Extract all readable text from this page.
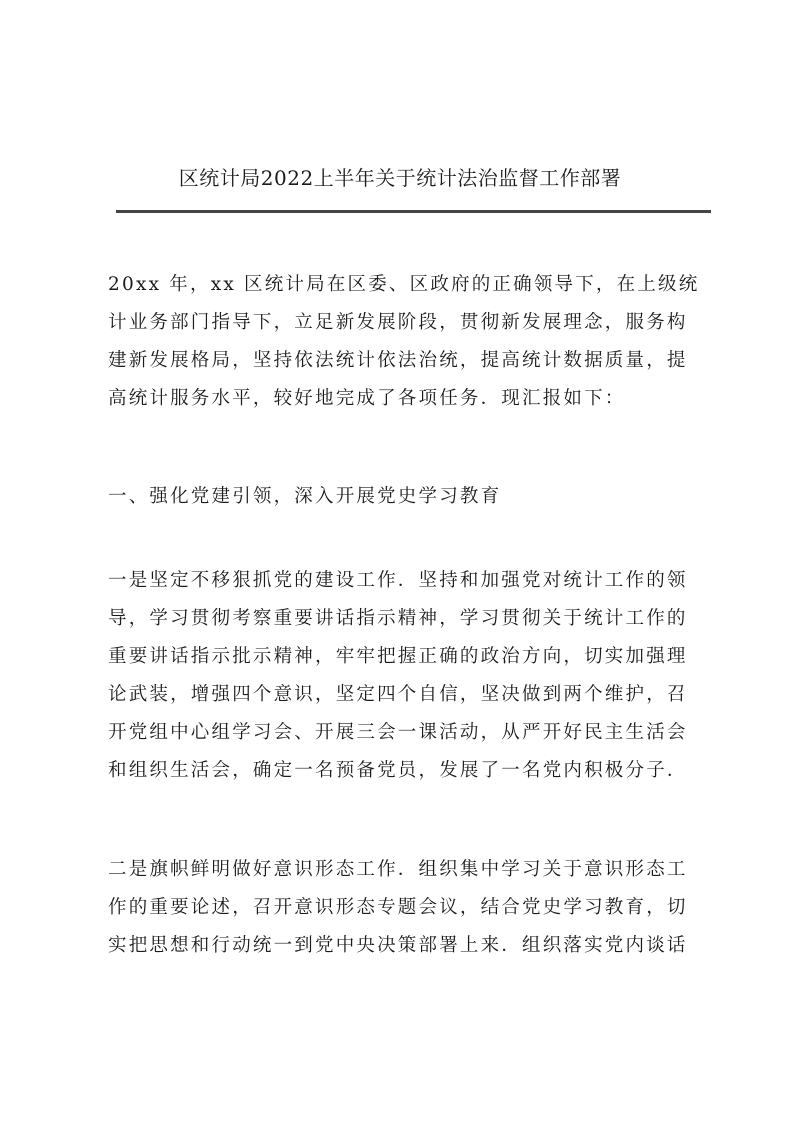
区统计局2022上半年关于统计法治监督工作部署
20xx 年，xx 区统计局在区委、区政府的正确领导下，在上级统
计业务部门指导下，立足新发展阶段，贯彻新发展理念，服务构
建新发展格局，坚持依法统计依法治统，提高统计数据质量，提
高统计服务水平，较好地完成了各项任务．现汇报如下：
一、强化党建引领，深入开展党史学习教育
一是坚定不移狠抓党的建设工作．坚持和加强党对统计工作的领
导，学习贯彻考察重要讲话指示精神，学习贯彻关于统计工作的
重要讲话指示批示精神，牢牢把握正确的政治方向，切实加强理
论武装，增强四个意识，坚定四个自信，坚决做到两个维护，召
开党组中心组学习会、开展三会一课活动，从严开好民主生活会
和组织生活会，确定一名预备党员，发展了一名党内积极分子．
二是旗帜鲜明做好意识形态工作．组织集中学习关于意识形态工
作的重要论述，召开意识形态专题会议，结合党史学习教育，切
实把思想和行动统一到党中央决策部署上来．组织落实党内谈话
